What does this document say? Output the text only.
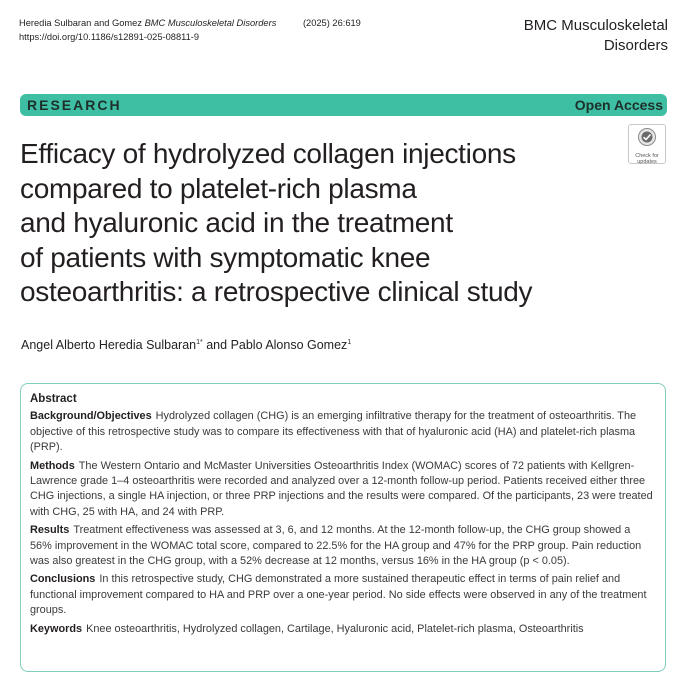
Heredia Sulbaran and Gomez BMC Musculoskeletal Disorders	(2025) 26:619
https://doi.org/10.1186/s12891-025-08811-9
BMC Musculoskeletal
Disorders
RESEARCH	Open Access
Check for
updates
Efficacy of hydrolyzed collagen injections
compared to platelet-rich plasma
and hyaluronic acid in the treatment
of patients with symptomatic knee
osteoarthritis: a retrospective clinical study
Angel Alberto Heredia Sulbaran$^{1*}$ and Pablo Alonso Gomez$^1$
Abstract

Background/Objectives Hydrolyzed collagen (CHG) is an emerging infiltrative therapy for the treatment of osteoarthritis. The objective of this retrospective study was to compare its effectiveness with that of hyaluronic acid (HA) and platelet-rich plasma (PRP).

Methods The Western Ontario and McMaster Universities Osteoarthritis Index (WOMAC) scores of 72 patients with Kellgren-Lawrence grade 1–4 osteoarthritis were recorded and analyzed over a 12-month follow-up period. Patients received either three CHG injections, a single HA injection, or three PRP injections and the results were compared. Of the participants, 23 were treated with CHG, 25 with HA, and 24 with PRP.

Results Treatment effectiveness was assessed at 3, 6, and 12 months. At the 12-month follow-up, the CHG group showed a 56% improvement in the WOMAC total score, compared to 22.5% for the HA group and 47% for the PRP group. Pain reduction was also greatest in the CHG group, with a 52% decrease at 12 months, versus 16% in the HA group (p < 0.05).

Conclusions In this retrospective study, CHG demonstrated a more sustained therapeutic effect in terms of pain relief and functional improvement compared to HA and PRP over a one-year period. No side effects were observed in any of the treatment groups.

Keywords Knee osteoarthritis, Hydrolyzed collagen, Cartilage, Hyaluronic acid, Platelet-rich plasma, Osteoarthritis
